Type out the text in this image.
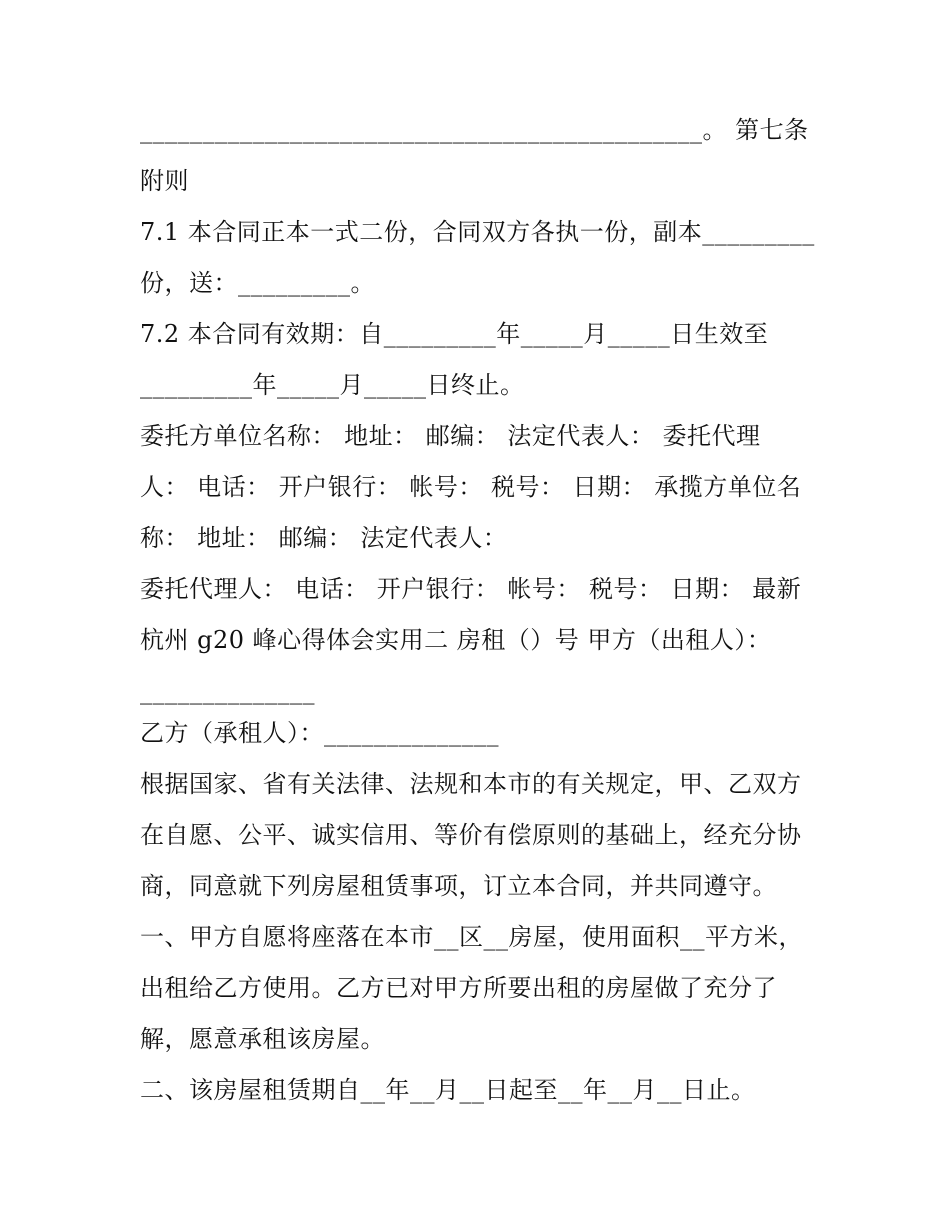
_____________________________________________。 第七条
附则
7.1 本合同正本一式二份，合同双方各执一份，副本_________
份，送：_________。
7.2 本合同有效期：自_________年_____月_____日生效至
_________年_____月_____日终止。
委托方单位名称： 地址： 邮编： 法定代表人： 委托代理
人： 电话： 开户银行： 帐号： 税号： 日期： 承揽方单位名
称： 地址： 邮编： 法定代表人：
委托代理人： 电话： 开户银行： 帐号： 税号： 日期： 最新
杭州 g20 峰心得体会实用二 房租（）号 甲方（出租人）：
______________
乙方（承租人）：______________
根据国家、省有关法律、法规和本市的有关规定，甲、乙双方
在自愿、公平、诚实信用、等价有偿原则的基础上，经充分协
商，同意就下列房屋租赁事项，订立本合同，并共同遵守。
一、甲方自愿将座落在本市__区__房屋，使用面积__平方米，
出租给乙方使用。乙方已对甲方所要出租的房屋做了充分了
解，愿意承租该房屋。
二、该房屋租赁期自__年__月__日起至__年__月__日止。
